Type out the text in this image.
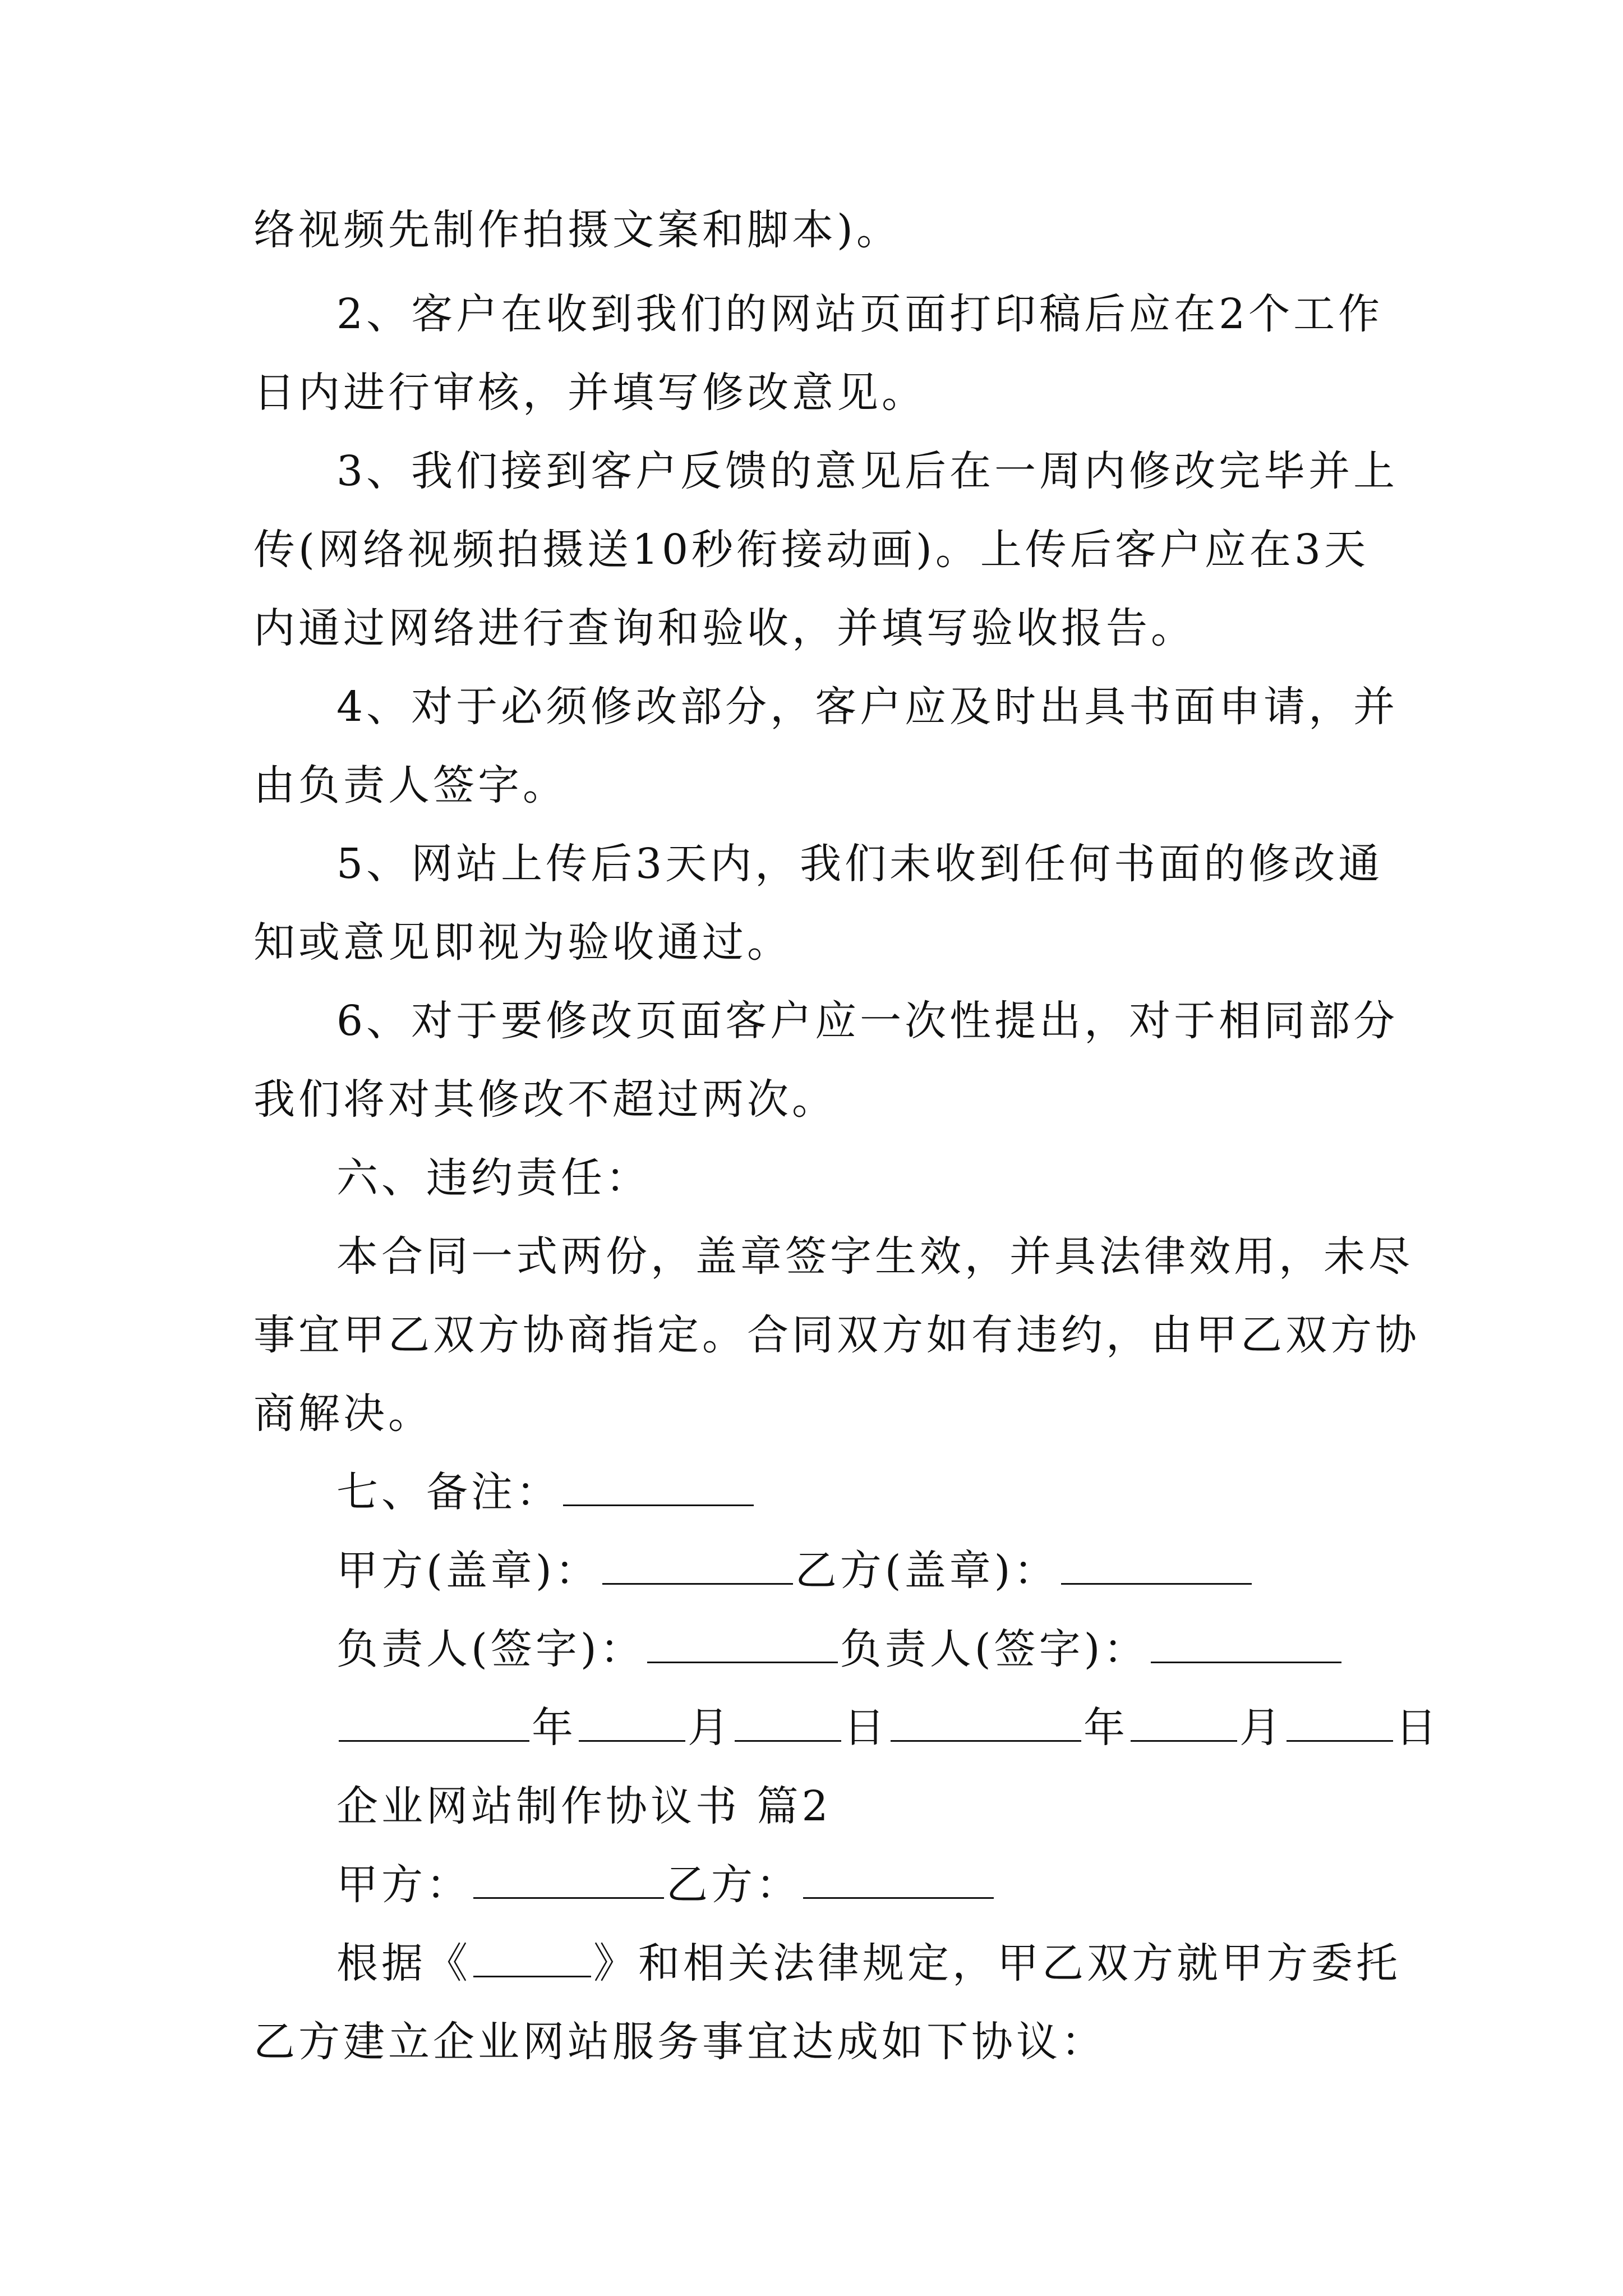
络视频先制作拍摄文案和脚本)。
2、客户在收到我们的网站页面打印稿后应在2个工作
日内进行审核，并填写修改意见。
3、我们接到客户反馈的意见后在一周内修改完毕并上
传(网络视频拍摄送10秒衔接动画)。上传后客户应在3天
内通过网络进行查询和验收，并填写验收报告。
4、对于必须修改部分，客户应及时出具书面申请，并
由负责人签字。
5、网站上传后3天内，我们未收到任何书面的修改通
知或意见即视为验收通过。
6、对于要修改页面客户应一次性提出，对于相同部分
我们将对其修改不超过两次。
六、违约责任：
本合同一式两份，盖章签字生效，并具法律效用，未尽
事宜甲乙双方协商指定。合同双方如有违约，由甲乙双方协
商解决。
七、备注：
甲方(盖章)：	乙方(盖章)：
负责人(签字)：	负责人(签字)：
年	月	日	年	月	日
企业网站制作协议书 篇2
甲方：	乙方：
根据《	》和相关法律规定，甲乙双方就甲方委托
乙方建立企业网站服务事宜达成如下协议：
